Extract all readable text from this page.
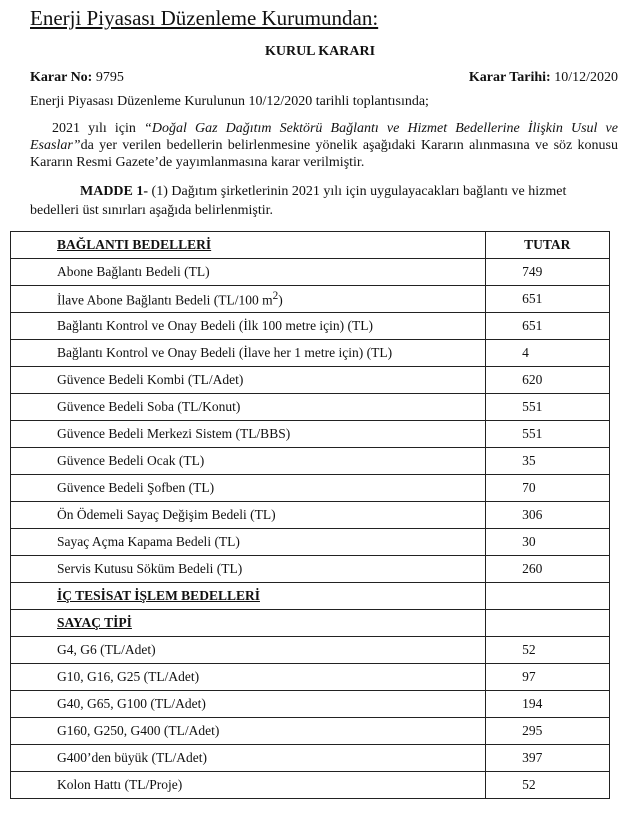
Enerji Piyasası Düzenleme Kurumundan:
KURUL KARARI
Karar No: 9795	Karar Tarihi: 10/12/2020
Enerji Piyasası Düzenleme Kurulunun 10/12/2020 tarihli toplantısında;
2021 yılı için “Doğal Gaz Dağıtım Sektörü Bağlantı ve Hizmet Bedellerine İlişkin Usul ve Esaslar”da yer verilen bedellerin belirlenmesine yönelik aşağıdaki Kararın alınmasına ve söz konusu Kararın Resmi Gazete’de yayımlanmasına karar verilmiştir.
MADDE 1- (1) Dağıtım şirketlerinin 2021 yılı için uygulayacakları bağlantı ve hizmet bedelleri üst sınırları aşağıda belirlenmiştir.
BAĞLANTI BEDELLERİ	TUTAR
Abone Bağlantı Bedeli (TL)	749
İlave Abone Bağlantı Bedeli (TL/100 $m^2$)	651
Bağlantı Kontrol ve Onay Bedeli (İlk 100 metre için) (TL)	651
Bağlantı Kontrol ve Onay Bedeli (İlave her 1 metre için) (TL)	4
Güvence Bedeli Kombi (TL/Adet)	620
Güvence Bedeli Soba (TL/Konut)	551
Güvence Bedeli Merkezi Sistem (TL/BBS)	551
Güvence Bedeli Ocak (TL)	35
Güvence Bedeli Şofben (TL)	70
Ön Ödemeli Sayaç Değişim Bedeli (TL)	306
Sayaç Açma Kapama Bedeli (TL)	30
Servis Kutusu Söküm Bedeli (TL)	260
İÇ TESİSAT İŞLEM BEDELLERİ	
SAYAÇ TİPİ	
G4, G6 (TL/Adet)	52
G10, G16, G25 (TL/Adet)	97
G40, G65, G100 (TL/Adet)	194
G160, G250, G400 (TL/Adet)	295
G400’den büyük (TL/Adet)	397
Kolon Hattı (TL/Proje)	52
